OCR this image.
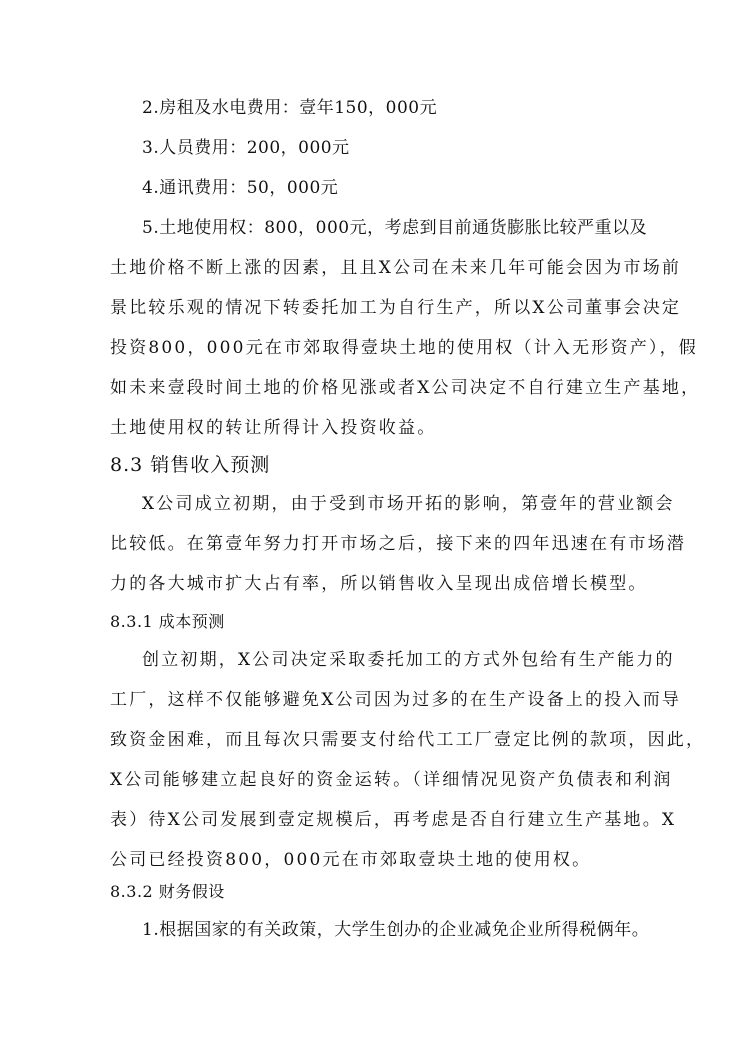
2.房租及水电费用：壹年150，000元
3.人员费用：200，000元
4.通讯费用：50，000元
5.土地使用权：800，000元，考虑到目前通货膨胀比较严重以及
土地价格不断上涨的因素，且且X公司在未来几年可能会因为市场前
景比较乐观的情况下转委托加工为自行生产，所以X公司董事会决定
投资800，000元在市郊取得壹块土地的使用权（计入无形资产），假
如未来壹段时间土地的价格见涨或者X公司决定不自行建立生产基地，
土地使用权的转让所得计入投资收益。
8.3 销售收入预测
X公司成立初期，由于受到市场开拓的影响，第壹年的营业额会
比较低。在第壹年努力打开市场之后，接下来的四年迅速在有市场潜
力的各大城市扩大占有率，所以销售收入呈现出成倍增长模型。
8.3.1 成本预测
创立初期，X公司决定采取委托加工的方式外包给有生产能力的
工厂，这样不仅能够避免X公司因为过多的在生产设备上的投入而导
致资金困难，而且每次只需要支付给代工工厂壹定比例的款项，因此，
X公司能够建立起良好的资金运转。（详细情况见资产负债表和利润
表）待X公司发展到壹定规模后，再考虑是否自行建立生产基地。X
公司已经投资800，000元在市郊取壹块土地的使用权。
8.3.2 财务假设
1.根据国家的有关政策，大学生创办的企业减免企业所得税俩年。
